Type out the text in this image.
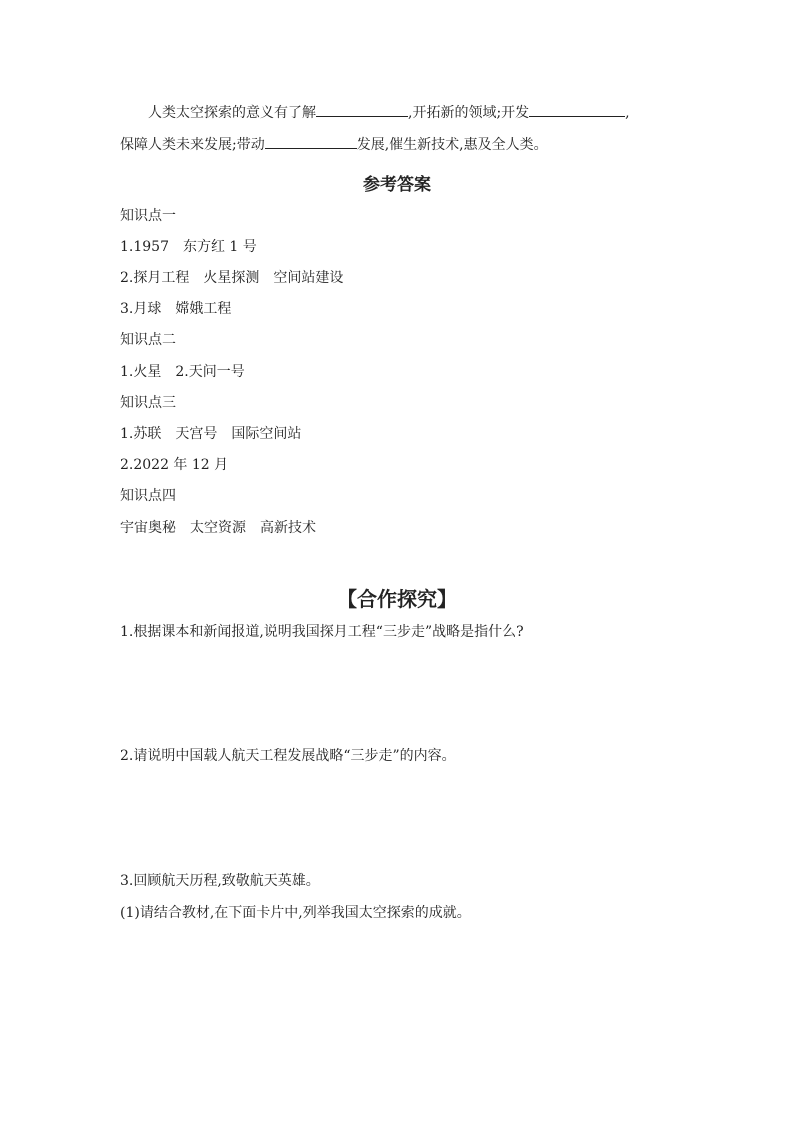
人类太空探索的意义有了解	,开拓新的领域;开发	,
保障人类未来发展;带动	发展,催生新技术,惠及全人类。
参考答案
知识点一
1.1957　东方红 1 号
2.探月工程　火星探测　空间站建设
3.月球　嫦娥工程
知识点二
1.火星　2.天问一号
知识点三
1.苏联　天宫号　国际空间站
2.2022 年 12 月
知识点四
宇宙奥秘　太空资源　高新技术
【合作探究】
1.根据课本和新闻报道,说明我国探月工程“三步走”战略是指什么?
2.请说明中国载人航天工程发展战略“三步走”的内容。
3.回顾航天历程,致敬航天英雄。
(1)请结合教材,在下面卡片中,列举我国太空探索的成就。
